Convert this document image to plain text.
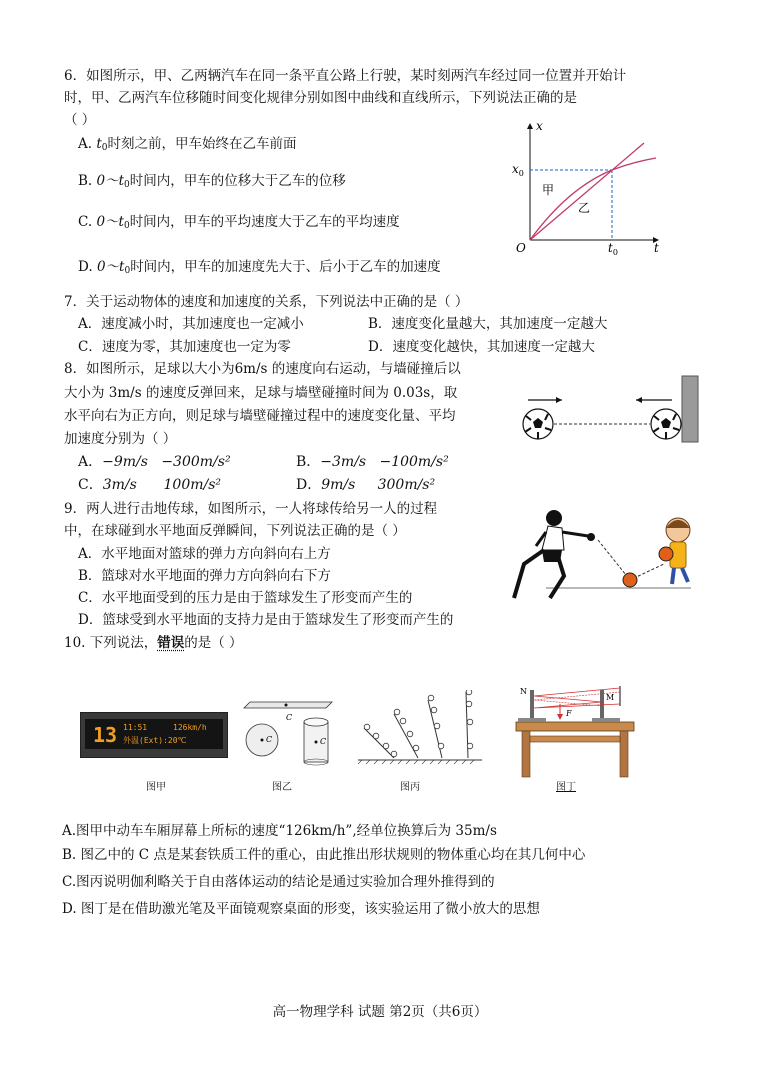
6．如图所示，甲、乙两辆汽车在同一条平直公路上行驶，某时刻两汽车经过同一位置并开始计
时，甲、乙两汽车位移随时间变化规律分别如图中曲线和直线所示，下列说法正确的是
（ ）
A. $t_0$时刻之前，甲车始终在乙车前面
B. $0\sim t_0$时间内，甲车的位移大于乙车的位移
C. $0\sim t_0$时间内，甲车的平均速度大于乙车的平均速度
D. $0\sim t_0$时间内，甲车的加速度先大于、后小于乙车的加速度
x
t
O
$x_0$
$t_0$
甲
乙
7．关于运动物体的速度和加速度的关系，下列说法中正确的是（ ）
A．速度减小时，其加速度也一定减小	B．速度变化量越大，其加速度一定越大
C．速度为零，其加速度也一定为零	D．速度变化越快，其加速度一定越大
8．如图所示，足球以大小为6m/s 的速度向右运动，与墙碰撞后以
大小为 3m/s 的速度反弹回来，足球与墙壁碰撞时间为 0.03s，取
水平向右为正方向，则足球与墙壁碰撞过程中的速度变化量、平均
加速度分别为（ ）
A．−9m/s −300m/s²	B．−3m/s −100m/s²
C．3m/s 100m/s²	D．9m/s 300m/s²
9．两人进行击地传球，如图所示，一人将球传给另一人的过程
中，在球碰到水平地面反弹瞬间，下列说法正确的是（ ）
A．水平地面对篮球的弹力方向斜向右上方
B．篮球对水平地面的弹力方向斜向右下方
C．水平地面受到的压力是由于篮球发生了形变而产生的
D．篮球受到水平地面的支持力是由于篮球发生了形变而产生的
10. 下列说法，错误的是（ ）
13 11:51	126km/h
外温(Ext):20℃
C
C	C
N
M
F
图甲	图乙	图丙	图丁
A.图甲中动车车厢屏幕上所标的速度“126km/h”,经单位换算后为 35m/s
B. 图乙中的 C 点是某套铁质工件的重心，由此推出形状规则的物体重心均在其几何中心
C.图丙说明伽利略关于自由落体运动的结论是通过实验加合理外推得到的
D. 图丁是在借助激光笔及平面镜观察桌面的形变，该实验运用了微小放大的思想
高一物理学科 试题 第2页（共6页）
